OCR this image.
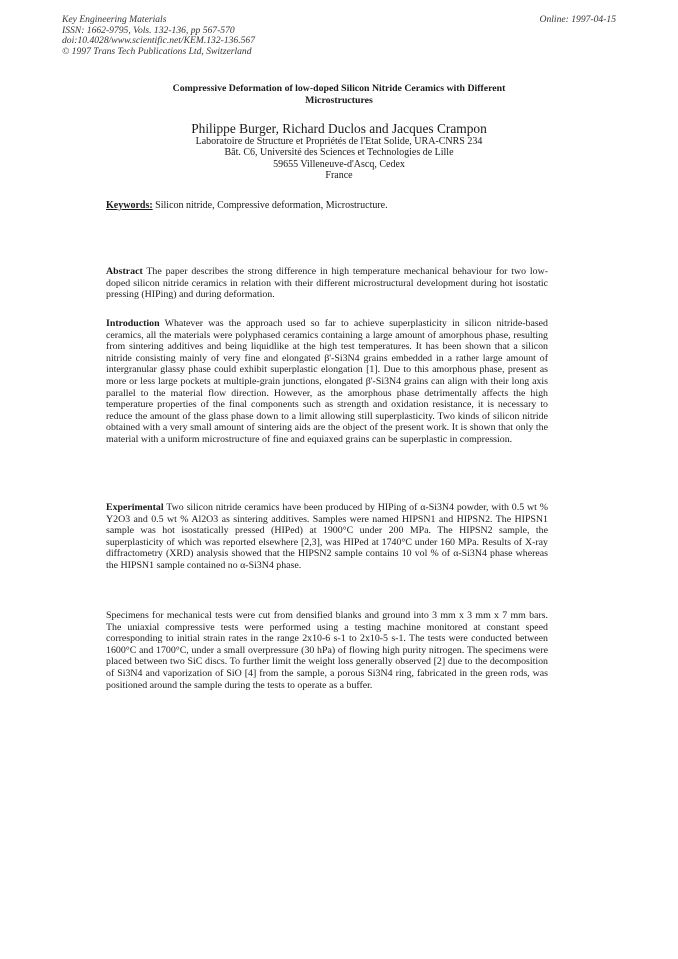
Key Engineering Materials
ISSN: 1662-9795, Vols. 132-136, pp 567-570
doi:10.4028/www.scientific.net/KEM.132-136.567
© 1997 Trans Tech Publications Ltd, Switzerland
Online: 1997-04-15
Compressive Deformation of low-doped Silicon Nitride Ceramics with Different
Microstructures
Philippe Burger, Richard Duclos and Jacques Crampon
Laboratoire de Structure et Propriétés de l'Etat Solide, URA-CNRS 234
Bât. C6, Université des Sciences et Technologies de Lille
59655 Villeneuve-d'Ascq, Cedex
France
Keywords: Silicon nitride, Compressive deformation, Microstructure.

Abstract The paper describes the strong difference in high temperature mechanical behaviour for two low-doped silicon nitride ceramics in relation with their different microstructural development during hot isostatic pressing (HIPing) and during deformation.

Introduction Whatever was the approach used so far to achieve superplasticity in silicon nitride-based ceramics, all the materials were polyphased ceramics containing a large amount of amorphous phase, resulting from sintering additives and being liquidlike at the high test temperatures. It has been shown that a silicon nitride consisting mainly of very fine and elongated β'-Si3N4 grains embedded in a rather large amount of intergranular glassy phase could exhibit superplastic elongation [1]. Due to this amorphous phase, present as more or less large pockets at multiple-grain junctions, elongated β'-Si3N4 grains can align with their long axis parallel to the material flow direction. However, as the amorphous phase detrimentally affects the high temperature properties of the final components such as strength and oxidation resistance, it is necessary to reduce the amount of the glass phase down to a limit allowing still superplasticity. Two kinds of silicon nitride obtained with a very small amount of sintering aids are the object of the present work. It is shown that only the material with a uniform microstructure of fine and equiaxed grains can be superplastic in compression.

Experimental Two silicon nitride ceramics have been produced by HIPing of α-Si3N4 powder, with 0.5 wt % Y2O3 and 0.5 wt % Al2O3 as sintering additives. Samples were named HIPSN1 and HIPSN2. The HIPSN1 sample was hot isostatically pressed (HIPed) at 1900°C under 200 MPa. The HIPSN2 sample, the superplasticity of which was reported elsewhere [2,3], was HIPed at 1740°C under 160 MPa. Results of X-ray diffractometry (XRD) analysis showed that the HIPSN2 sample contains 10 vol % of α-Si3N4 phase whereas the HIPSN1 sample contained no α-Si3N4 phase.

Specimens for mechanical tests were cut from densified blanks and ground into 3 mm x 3 mm x 7 mm bars. The uniaxial compressive tests were performed using a testing machine monitored at constant speed corresponding to initial strain rates in the range 2x10-6 s-1 to 2x10-5 s-1. The tests were conducted between 1600°C and 1700°C, under a small overpressure (30 hPa) of flowing high purity nitrogen. The specimens were placed between two SiC discs. To further limit the weight loss generally observed [2] due to the decomposition of Si3N4 and vaporization of SiO [4] from the sample, a porous Si3N4 ring, fabricated in the green rods, was positioned around the sample during the tests to operate as a buffer.
